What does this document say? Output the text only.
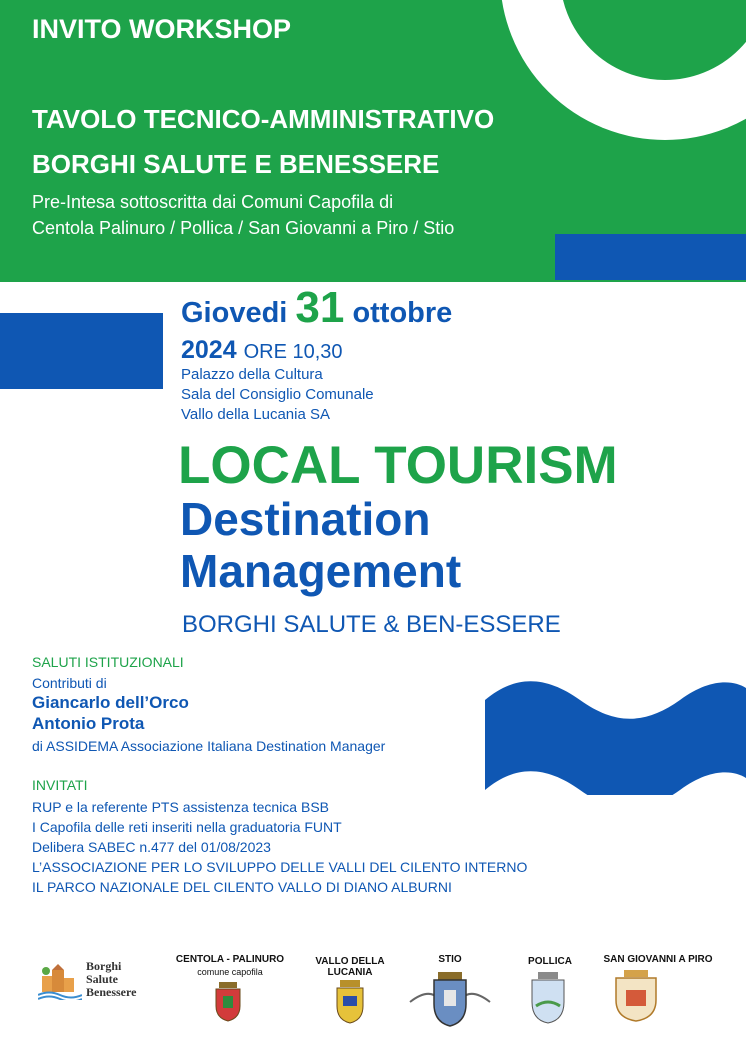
INVITO WORKSHOP
TAVOLO TECNICO-AMMINISTRATIVO
BORGHI SALUTE E BENESSERE
Pre-Intesa sottoscritta dai Comuni Capofila di
Centola Palinuro / Pollica / San Giovanni a Piro / Stio
Giovedi 31 ottobre
2024 ORE 10,30
Palazzo della Cultura
Sala del Consiglio Comunale
Vallo della Lucania SA
LOCAL TOURISM
Destination
Management
BORGHI SALUTE & BEN-ESSERE
SALUTI ISTITUZIONALI
Contributi di
Giancarlo dell’Orco
Antonio Prota
di ASSIDEMA Associazione Italiana Destination Manager
INVITATI
RUP e la referente PTS assistenza tecnica BSB
I Capofila delle reti inseriti nella graduatoria FUNT
Delibera SABEC n.477 del 01/08/2023
L’ASSOCIAZIONE PER LO SVILUPPO DELLE VALLI DEL CILENTO INTERNO
IL PARCO NAZIONALE DEL CILENTO VALLO DI DIANO ALBURNI
Borghi
Salute
Benessere
CENTOLA - PALINURO
comune capofila
VALLO DELLA
LUCANIA
STIO	POLLICA	SAN GIOVANNI A PIRO
